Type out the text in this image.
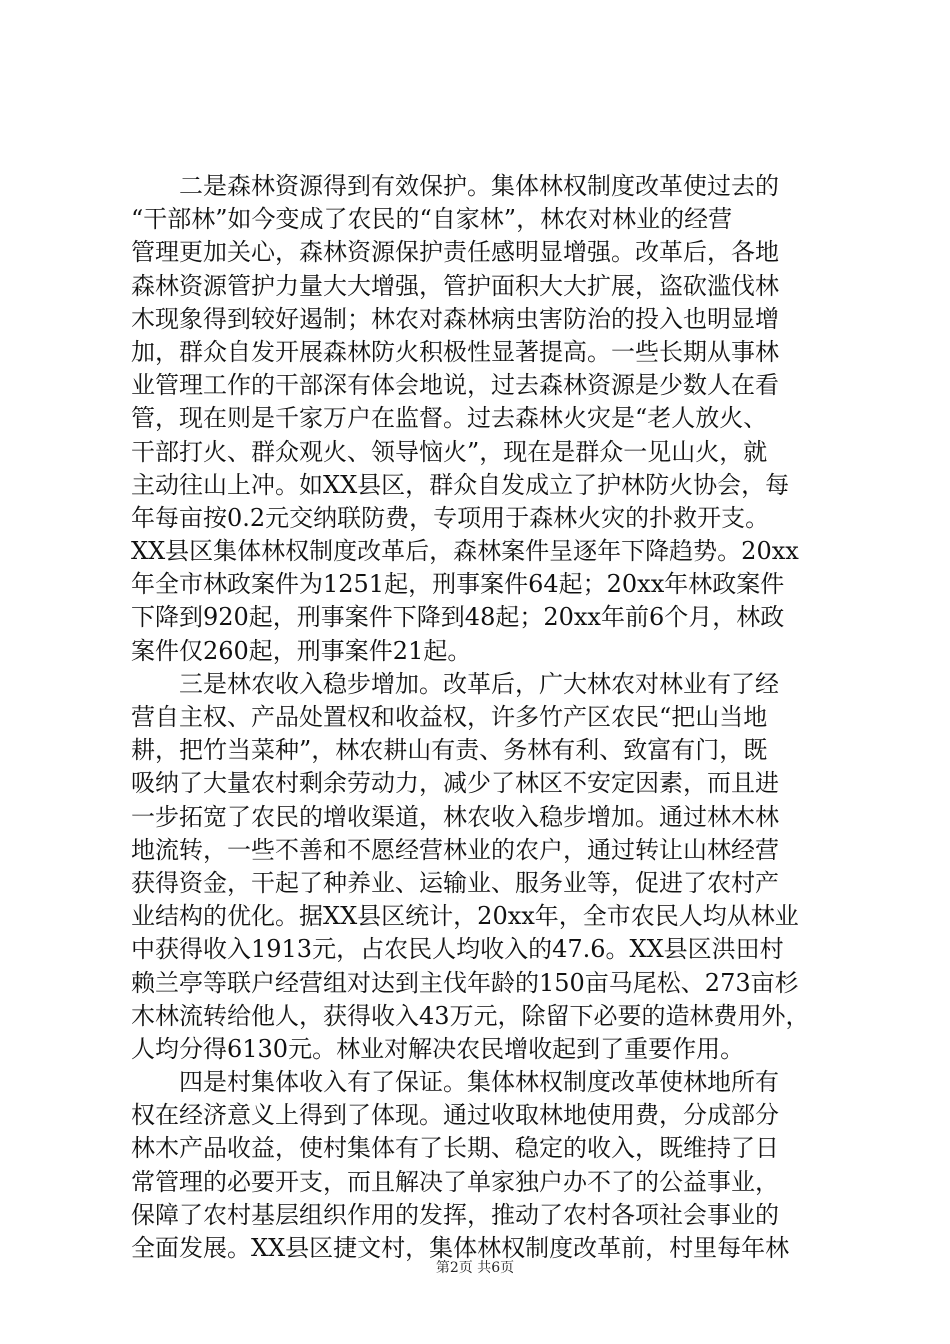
　　二是森林资源得到有效保护。集体林权制度改革使过去的
“干部林”如今变成了农民的“自家林”，林农对林业的经营
管理更加关心，森林资源保护责任感明显增强。改革后，各地
森林资源管护力量大大增强，管护面积大大扩展，盗砍滥伐林
木现象得到较好遏制；林农对森林病虫害防治的投入也明显增
加，群众自发开展森林防火积极性显著提高。一些长期从事林
业管理工作的干部深有体会地说，过去森林资源是少数人在看
管，现在则是千家万户在监督。过去森林火灾是“老人放火、
干部打火、群众观火、领导恼火”，现在是群众一见山火，就
主动往山上冲。如XX县区，群众自发成立了护林防火协会，每
年每亩按0.2元交纳联防费，专项用于森林火灾的扑救开支。
XX县区集体林权制度改革后，森林案件呈逐年下降趋势。20xx
年全市林政案件为1251起，刑事案件64起；20xx年林政案件
下降到920起，刑事案件下降到48起；20xx年前6个月，林政
案件仅260起，刑事案件21起。
　　三是林农收入稳步增加。改革后，广大林农对林业有了经
营自主权、产品处置权和收益权，许多竹产区农民“把山当地
耕，把竹当菜种”，林农耕山有责、务林有利、致富有门，既
吸纳了大量农村剩余劳动力，减少了林区不安定因素，而且进
一步拓宽了农民的增收渠道，林农收入稳步增加。通过林木林
地流转，一些不善和不愿经营林业的农户，通过转让山林经营
获得资金，干起了种养业、运输业、服务业等，促进了农村产
业结构的优化。据XX县区统计，20xx年，全市农民人均从林业
中获得收入1913元，占农民人均收入的47.6。XX县区洪田村
赖兰亭等联户经营组对达到主伐年龄的150亩马尾松、273亩杉
木林流转给他人，获得收入43万元，除留下必要的造林费用外，
人均分得6130元。林业对解决农民增收起到了重要作用。
　　四是村集体收入有了保证。集体林权制度改革使林地所有
权在经济意义上得到了体现。通过收取林地使用费，分成部分
林木产品收益，使村集体有了长期、稳定的收入，既维持了日
常管理的必要开支，而且解决了单家独户办不了的公益事业，
保障了农村基层组织作用的发挥，推动了农村各项社会事业的
全面发展。XX县区捷文村，集体林权制度改革前，村里每年林
第2页 共6页
